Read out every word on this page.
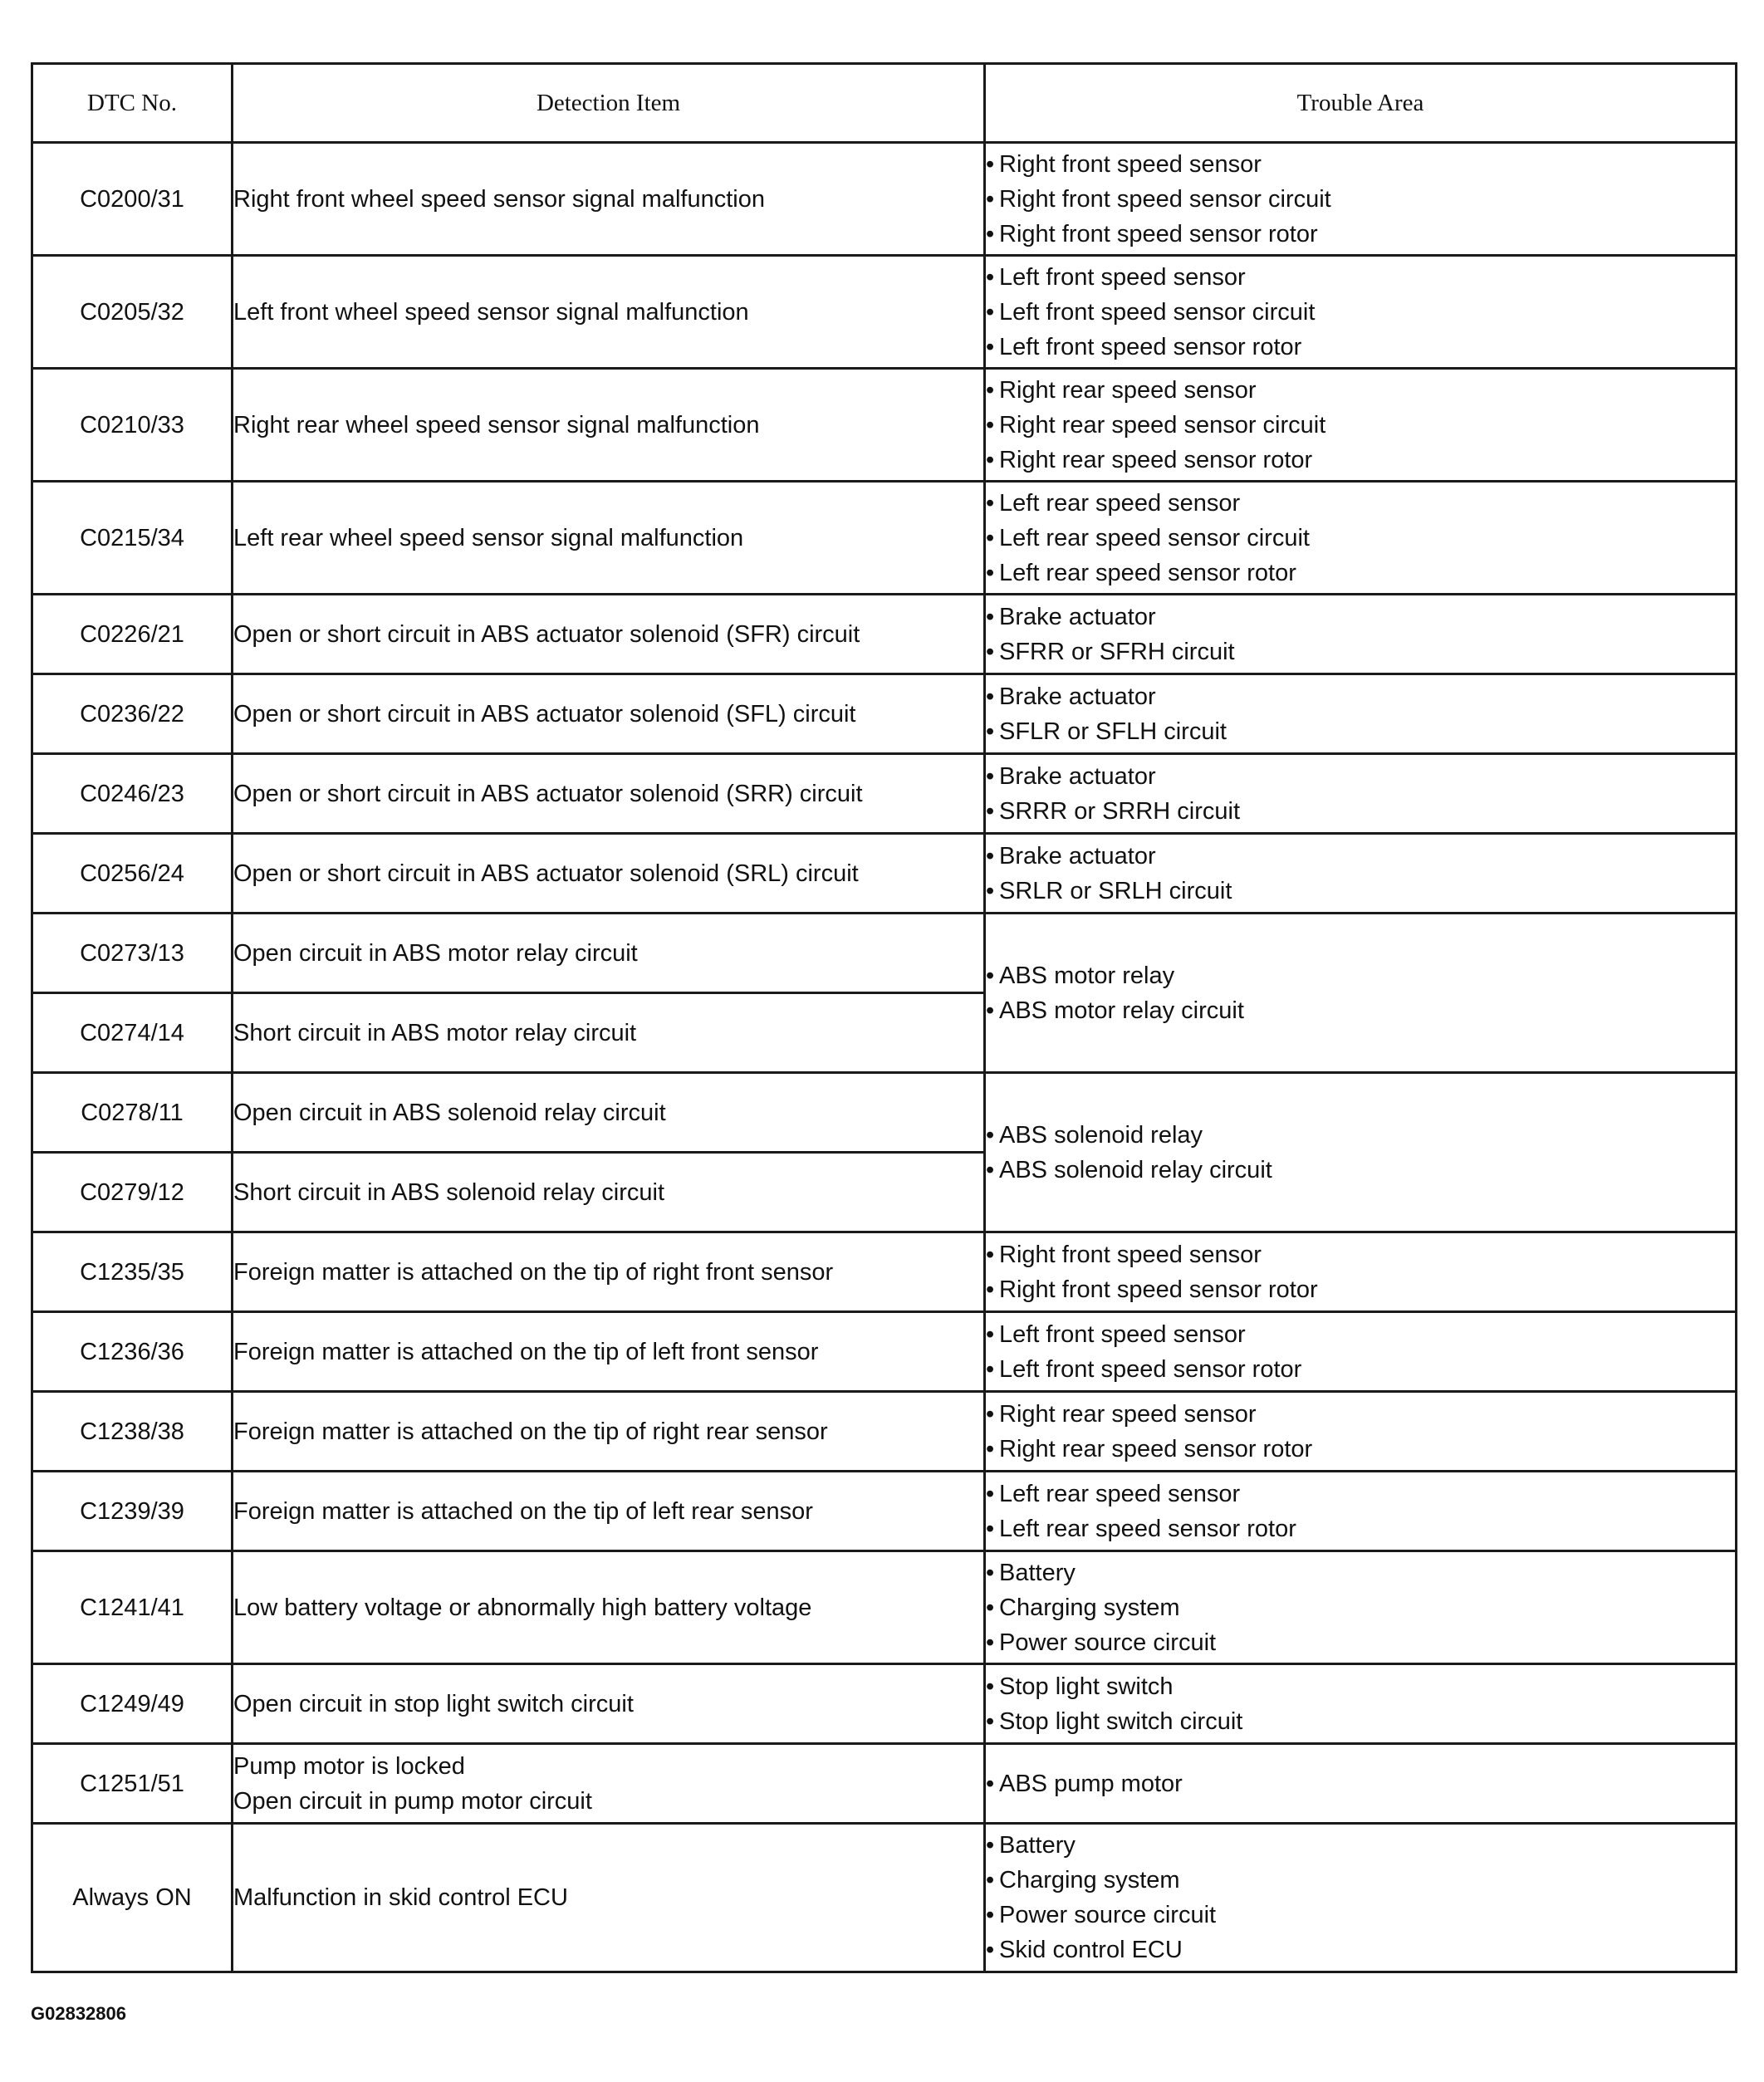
DTC No.	Detection Item	Trouble Area
C0200/31	Right front wheel speed sensor signal malfunction	• Right front speed sensor
• Right front speed sensor circuit
• Right front speed sensor rotor

C0205/32	Left front wheel speed sensor signal malfunction	• Left front speed sensor
• Left front speed sensor circuit
• Left front speed sensor rotor

C0210/33	Right rear wheel speed sensor signal malfunction	• Right rear speed sensor
• Right rear speed sensor circuit
• Right rear speed sensor rotor

C0215/34	Left rear wheel speed sensor signal malfunction	• Left rear speed sensor
• Left rear speed sensor circuit
• Left rear speed sensor rotor

C0226/21	Open or short circuit in ABS actuator solenoid (SFR) circuit	• Brake actuator
• SFRR or SFRH circuit

C0236/22	Open or short circuit in ABS actuator solenoid (SFL) circuit	• Brake actuator
• SFLR or SFLH circuit

C0246/23	Open or short circuit in ABS actuator solenoid (SRR) circuit	• Brake actuator
• SRRR or SRRH circuit

C0256/24	Open or short circuit in ABS actuator solenoid (SRL) circuit	• Brake actuator
• SRLR or SRLH circuit

C0273/13	Open circuit in ABS motor relay circuit	• ABS motor relay
• ABS motor relay circuit

C0274/14	Short circuit in ABS motor relay circuit	

C0278/11	Open circuit in ABS solenoid relay circuit	• ABS solenoid relay
• ABS solenoid relay circuit

C0279/12	Short circuit in ABS solenoid relay circuit	

C1235/35	Foreign matter is attached on the tip of right front sensor	• Right front speed sensor
• Right front speed sensor rotor

C1236/36	Foreign matter is attached on the tip of left front sensor	• Left front speed sensor
• Left front speed sensor rotor

C1238/38	Foreign matter is attached on the tip of right rear sensor	• Right rear speed sensor
• Right rear speed sensor rotor

C1239/39	Foreign matter is attached on the tip of left rear sensor	• Left rear speed sensor
• Left rear speed sensor rotor

C1241/41	Low battery voltage or abnormally high battery voltage	• Battery
• Charging system
• Power source circuit

C1249/49	Open circuit in stop light switch circuit	• Stop light switch
• Stop light switch circuit

C1251/51	Pump motor is locked
Open circuit in pump motor circuit	• ABS pump motor

Always ON	Malfunction in skid control ECU	• Battery
• Charging system
• Power source circuit
• Skid control ECU
G02832806
